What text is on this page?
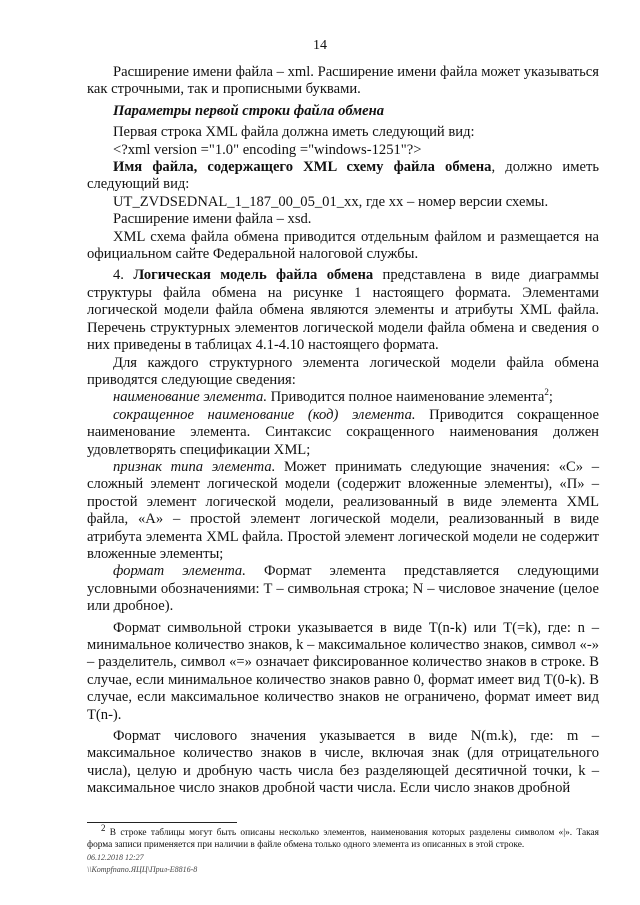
14

Расширение имени файла – xml. Расширение имени файла может указываться как строчными, так и прописными буквами.

Параметры первой строки файла обмена

Первая строка XML файла должна иметь следующий вид:

<?xml version ="1.0" encoding ="windows-1251"?>

Имя файла, содержащего XML схему файла обмена, должно иметь следующий вид:

UT_ZVDSEDNAL_1_187_00_05_01_xx, где xx – номер версии схемы.

Расширение имени файла – xsd.

XML схема файла обмена приводится отдельным файлом и размещается на официальном сайте Федеральной налоговой службы.

4. Логическая модель файла обмена представлена в виде диаграммы структуры файла обмена на рисунке 1 настоящего формата. Элементами логической модели файла обмена являются элементы и атрибуты XML файла. Перечень структурных элементов логической модели файла обмена и сведения о них приведены в таблицах 4.1-4.10 настоящего формата.

Для каждого структурного элемента логической модели файла обмена приводятся следующие сведения:

наименование элемента. Приводится полное наименование элемента$^2$;

сокращенное наименование (код) элемента. Приводится сокращенное наименование элемента. Синтаксис сокращенного наименования должен удовлетворять спецификации XML;

признак типа элемента. Может принимать следующие значения: «С» – сложный элемент логической модели (содержит вложенные элементы), «П» – простой элемент логической модели, реализованный в виде элемента XML файла, «А» – простой элемент логической модели, реализованный в виде атрибута элемента XML файла. Простой элемент логической модели не содержит вложенные элементы;

формат элемента. Формат элемента представляется следующими условными обозначениями: Т – символьная строка; N – числовое значение (целое или дробное).

Формат символьной строки указывается в виде Т(n-k) или Т(=k), где: n – минимальное количество знаков, k – максимальное количество знаков, символ «-» – разделитель, символ «=» означает фиксированное количество знаков в строке. В случае, если минимальное количество знаков равно 0, формат имеет вид Т(0-k). В случае, если максимальное количество знаков не ограничено, формат имеет вид Т(n-).

Формат числового значения указывается в виде N(m.k), где: m – максимальное количество знаков в числе, включая знак (для отрицательного числа), целую и дробную часть числа без разделяющей десятичной точки, k – максимальное число знаков дробной части числа. Если число знаков дробной

$^2$ В строке таблицы могут быть описаны несколько элементов, наименования которых разделены символом «|». Такая форма записи применяется при наличии в файле обмена только одного элемента из описанных в этой строке.

06.12.2018 12:27
\\Kompfnano.ЯЦЦ\Прил-E8816-8
